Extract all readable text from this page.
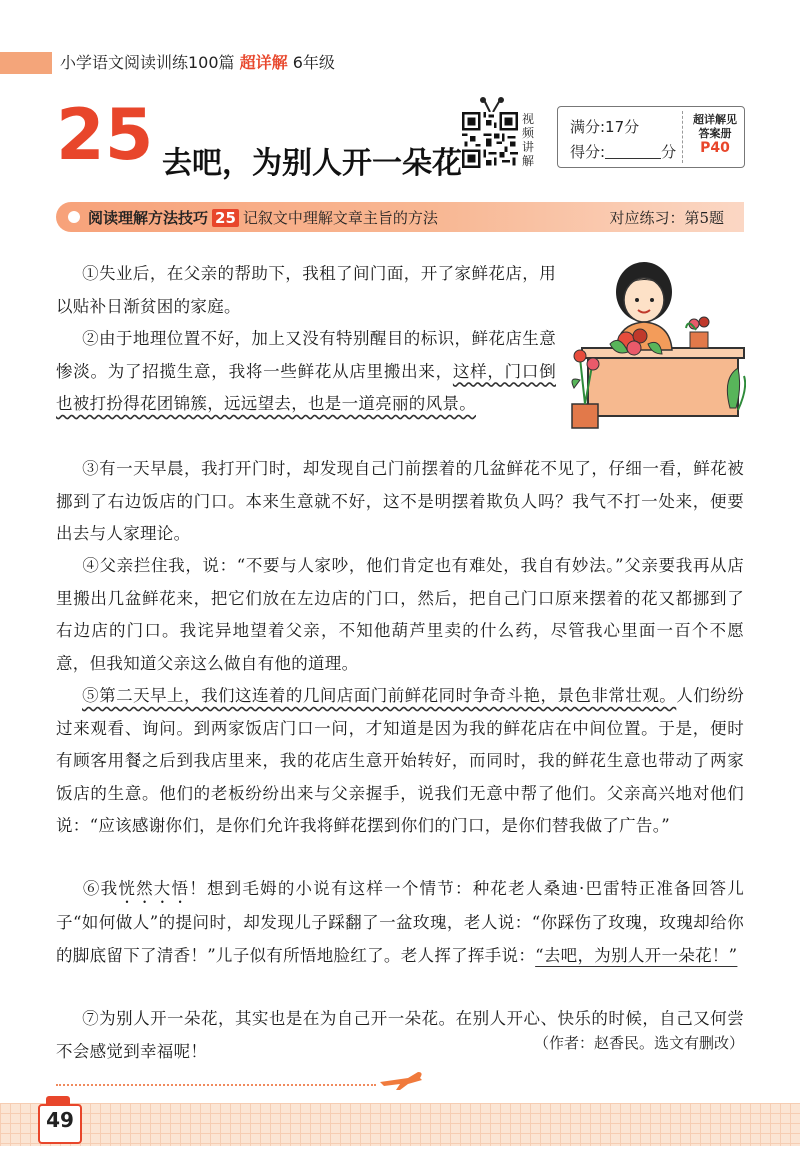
小学语文阅读训练100篇 超详解 6年级
25 去吧，为别人开一朵花
视频讲解
满分:17分
得分:	分
超详解见
答案册
P40
阅读理解方法技巧 25 记叙文中理解文章主旨的方法	对应练习：第5题
①失业后，在父亲的帮助下，我租了间门面，开了家鲜花店，用以贴补日渐贫困的家庭。
②由于地理位置不好，加上又没有特别醒目的标识，鲜花店生意惨淡。为了招揽生意，我将一些鲜花从店里搬出来，这样，门口倒也被打扮得花团锦簇，远远望去，也是一道亮丽的风景。
③有一天早晨，我打开门时，却发现自己门前摆着的几盆鲜花不见了，仔细一看，鲜花被挪到了右边饭店的门口。本来生意就不好，这不是明摆着欺负人吗？我气不打一处来，便要出去与人家理论。
④父亲拦住我，说：“不要与人家吵，他们肯定也有难处，我自有妙法。”父亲要我再从店里搬出几盆鲜花来，把它们放在左边店的门口，然后，把自己门口原来摆着的花又都挪到了右边店的门口。我诧异地望着父亲，不知他葫芦里卖的什么药，尽管我心里面一百个不愿意，但我知道父亲这么做自有他的道理。
⑤第二天早上，我们这连着的几间店面门前鲜花同时争奇斗艳，景色非常壮观。人们纷纷过来观看、询问。到两家饭店门口一问，才知道是因为我的鲜花店在中间位置。于是，便时有顾客用餐之后到我店里来，我的花店生意开始转好，而同时，我的鲜花生意也带动了两家饭店的生意。他们的老板纷纷出来与父亲握手，说我们无意中帮了他们。父亲高兴地对他们说：“应该感谢你们，是你们允许我将鲜花摆到你们的门口，是你们替我做了广告。”
⑥我恍然大悟！想到毛姆的小说有这样一个情节：种花老人桑迪·巴雷特正准备回答儿子“如何做人”的提问时，却发现儿子踩翻了一盆玫瑰，老人说：“你踩伤了玫瑰，玫瑰却给你的脚底留下了清香！”儿子似有所悟地脸红了。老人挥了挥手说：“去吧，为别人开一朵花！”
⑦为别人开一朵花，其实也是在为自己开一朵花。在别人开心、快乐的时候，自己又何尝不会感觉到幸福呢！	（作者：赵香民。选文有删改）
49
